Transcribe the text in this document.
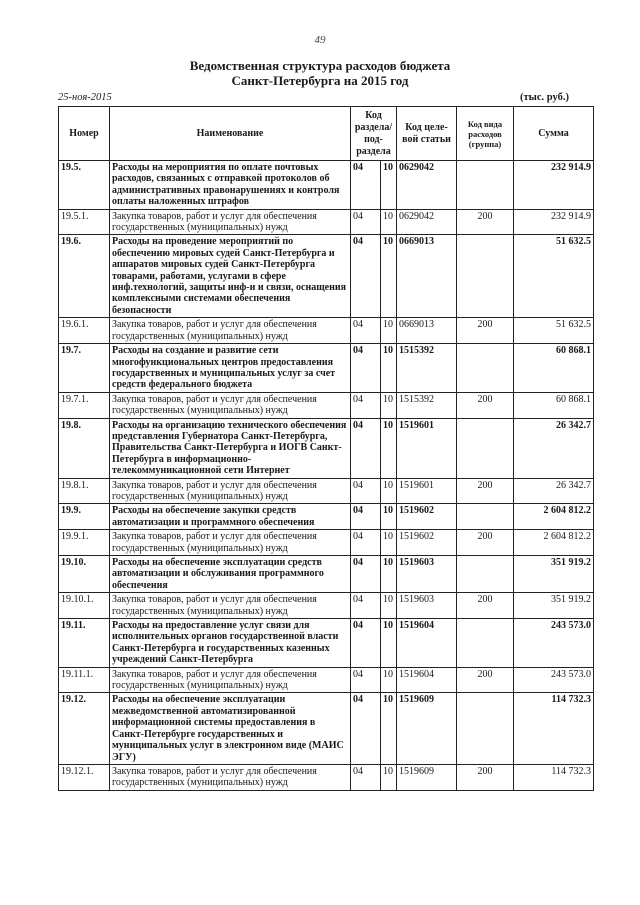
49
Ведомственная структура расходов бюджета
Санкт-Петербурга на 2015 год
25-ноя-2015	(тыс. руб.)
Номер	Наименование	Код раздела/ под-раздела		Код целе-вой статьи	Код вида расходов (группа)	Сумма
19.5.	Расходы на мероприятия по оплате почтовых расходов, связанных с отправкой протоколов об административных правонарушениях и контроля оплаты наложенных штрафов	04	10	0629042		232 914.9
19.5.1.	Закупка товаров, работ и услуг для обеспечения государственных (муниципальных) нужд	04	10	0629042	200	232 914.9
19.6.	Расходы на проведение мероприятий по обеспечению мировых судей Санкт-Петербурга и аппаратов мировых судей Санкт-Петербурга товарами, работами, услугами в сфере инф.технологий, защиты инф-и и связи, оснащения комплексными системами обеспечения безопасности	04	10	0669013		51 632.5
19.6.1.	Закупка товаров, работ и услуг для обеспечения государственных (муниципальных) нужд	04	10	0669013	200	51 632.5
19.7.	Расходы на создание и развитие сети многофункциональных центров предоставления государственных и муниципальных услуг за счет средств федерального бюджета	04	10	1515392		60 868.1
19.7.1.	Закупка товаров, работ и услуг для обеспечения государственных (муниципальных) нужд	04	10	1515392	200	60 868.1
19.8.	Расходы на организацию технического обеспечения представления Губернатора Санкт-Петербурга, Правительства Санкт-Петербурга и ИОГВ Санкт-Петербурга в информационно-телекоммуникационной сети Интернет	04	10	1519601		26 342.7
19.8.1.	Закупка товаров, работ и услуг для обеспечения государственных (муниципальных) нужд	04	10	1519601	200	26 342.7
19.9.	Расходы на обеспечение закупки средств автоматизации и программного обеспечения	04	10	1519602		2 604 812.2
19.9.1.	Закупка товаров, работ и услуг для обеспечения государственных (муниципальных) нужд	04	10	1519602	200	2 604 812.2
19.10.	Расходы на обеспечение эксплуатации средств автоматизации и обслуживания программного обеспечения	04	10	1519603		351 919.2
19.10.1.	Закупка товаров, работ и услуг для обеспечения государственных (муниципальных) нужд	04	10	1519603	200	351 919.2
19.11.	Расходы на предоставление услуг связи для исполнительных органов государственной власти Санкт-Петербурга и государственных казенных учреждений Санкт-Петербурга	04	10	1519604		243 573.0
19.11.1.	Закупка товаров, работ и услуг для обеспечения государственных (муниципальных) нужд	04	10	1519604	200	243 573.0
19.12.	Расходы на обеспечение эксплуатации межведомственной автоматизированной информационной системы предоставления в Санкт-Петербурге государственных и муниципальных услуг в электронном виде (МАИС ЭГУ)	04	10	1519609		114 732.3
19.12.1.	Закупка товаров, работ и услуг для обеспечения государственных (муниципальных) нужд	04	10	1519609	200	114 732.3
